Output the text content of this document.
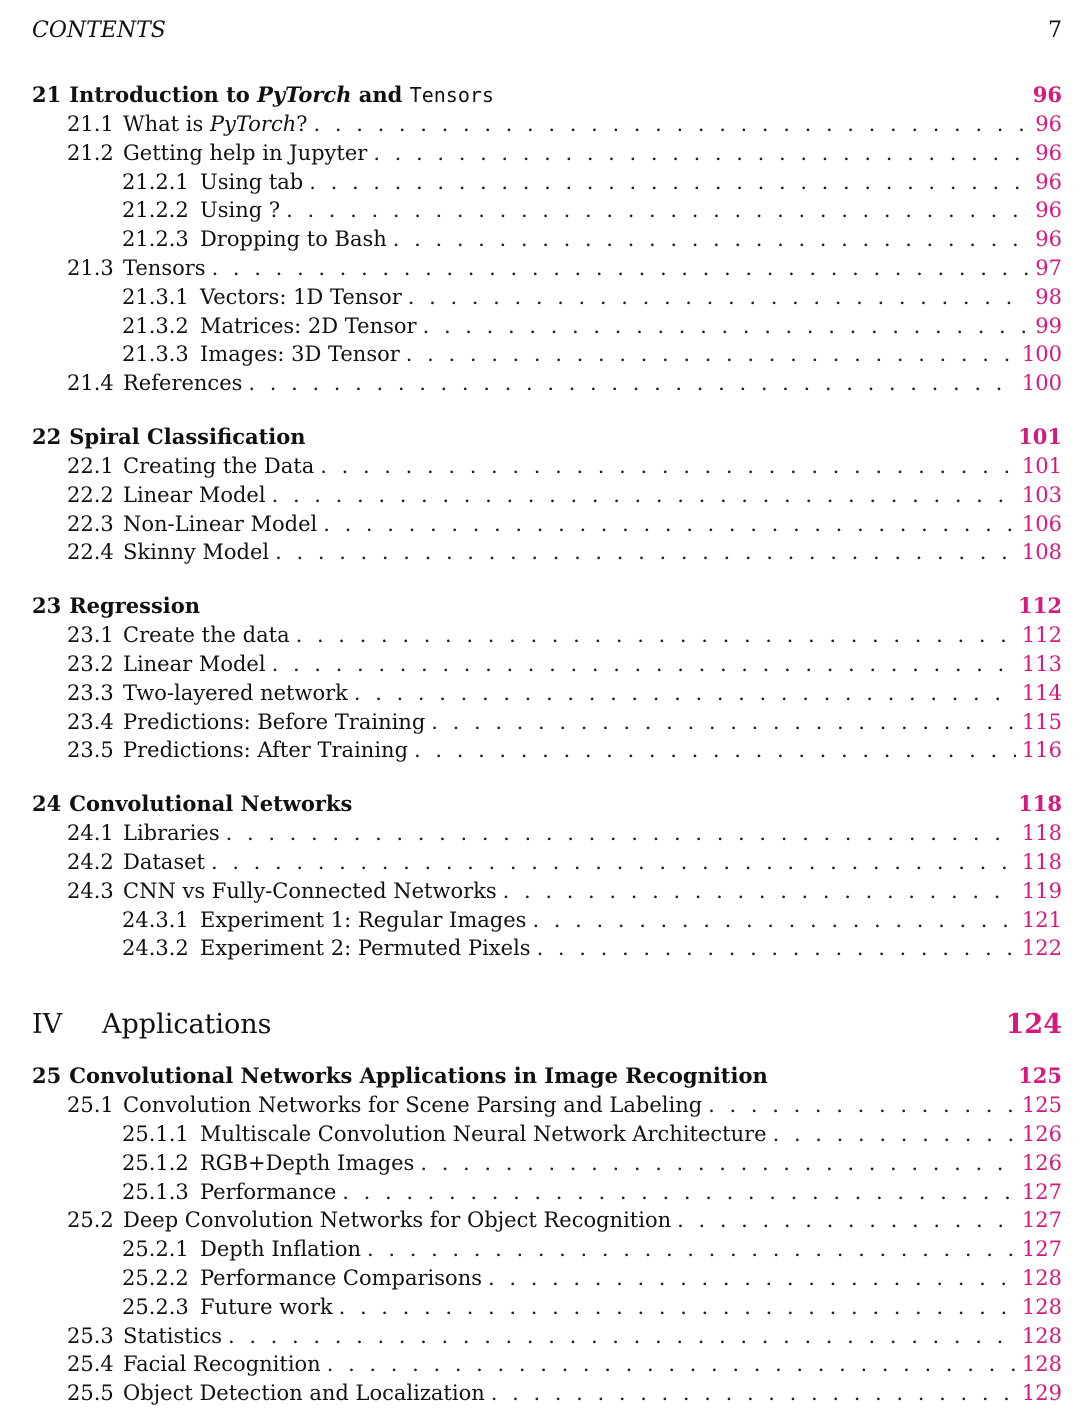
CONTENTS	7
21 Introduction to PyTorch and Tensors	96
21.1 What is PyTorch? . . .	96
21.2 Getting help in Jupyter . . .	96
21.2.1 Using tab . . .	96
21.2.2 Using ? . . .	96
21.2.3 Dropping to Bash . . .	96
21.3 Tensors . . .	97
21.3.1 Vectors: 1D Tensor . . .	98
21.3.2 Matrices: 2D Tensor . . .	99
21.3.3 Images: 3D Tensor . . .	100
21.4 References . . .	100
22 Spiral Classification	101
22.1 Creating the Data . . .	101
22.2 Linear Model . . .	103
22.3 Non-Linear Model . . .	106
22.4 Skinny Model . . .	108
23 Regression	112
23.1 Create the data . . .	112
23.2 Linear Model . . .	113
23.3 Two-layered network . . .	114
23.4 Predictions: Before Training . . .	115
23.5 Predictions: After Training . . .	116
24 Convolutional Networks	118
24.1 Libraries . . .	118
24.2 Dataset . . .	118
24.3 CNN vs Fully-Connected Networks . . .	119
24.3.1 Experiment 1: Regular Images . . .	121
24.3.2 Experiment 2: Permuted Pixels . . .	122
IV	Applications	124
25 Convolutional Networks Applications in Image Recognition	125
25.1 Convolution Networks for Scene Parsing and Labeling . . .	125
25.1.1 Multiscale Convolution Neural Network Architecture . . .	126
25.1.2 RGB+Depth Images . . .	126
25.1.3 Performance . . .	127
25.2 Deep Convolution Networks for Object Recognition . . .	127
25.2.1 Depth Inflation . . .	127
25.2.2 Performance Comparisons . . .	128
25.2.3 Future work . . .	128
25.3 Statistics . . .	128
25.4 Facial Recognition . . .	128
25.5 Object Detection and Localization . . .	129
